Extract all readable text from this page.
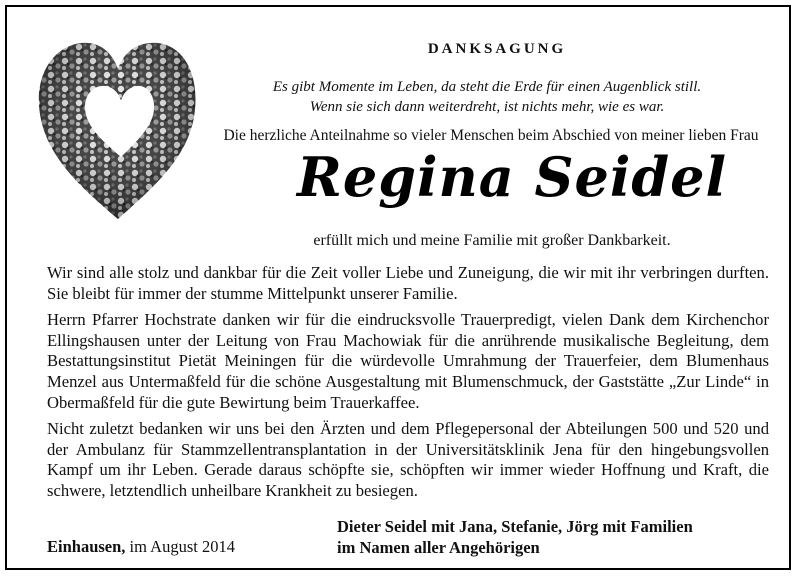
DANKSAGUNG
Es gibt Momente im Leben, da steht die Erde für einen Augenblick still.
Wenn sie sich dann weiterdreht, ist nichts mehr, wie es war.
Die herzliche Anteilnahme so vieler Menschen beim Abschied von meiner lieben Frau
Regina Seidel
erfüllt mich und meine Familie mit großer Dankbarkeit.

Wir sind alle stolz und dankbar für die Zeit voller Liebe und Zuneigung, die wir mit ihr verbringen durften. Sie bleibt für immer der stumme Mittelpunkt unserer Familie.

Herrn Pfarrer Hochstrate danken wir für die eindrucksvolle Trauerpredigt, vielen Dank dem Kirchenchor Ellingshausen unter der Leitung von Frau Machowiak für die anrührende musikalische Begleitung, dem Bestattungsinstitut Pietät Meiningen für die würdevolle Umrahmung der Trauerfeier, dem Blumenhaus Menzel aus Untermaßfeld für die schöne Ausgestaltung mit Blumenschmuck, der Gaststätte „Zur Linde“ in Obermaßfeld für die gute Bewirtung beim Trauerkaffee.

Nicht zuletzt bedanken wir uns bei den Ärzten und dem Pflegepersonal der Abteilungen 500 und 520 und der Ambulanz für Stammzellentransplantation in der Universitätsklinik Jena für den hingebungsvollen Kampf um ihr Leben. Gerade daraus schöpfte sie, schöpften wir immer wieder Hoffnung und Kraft, die schwere, letztendlich unheilbare Krankheit zu besiegen.

Einhausen, im August 2014
Dieter Seidel mit Jana, Stefanie, Jörg mit Familien
im Namen aller Angehörigen
